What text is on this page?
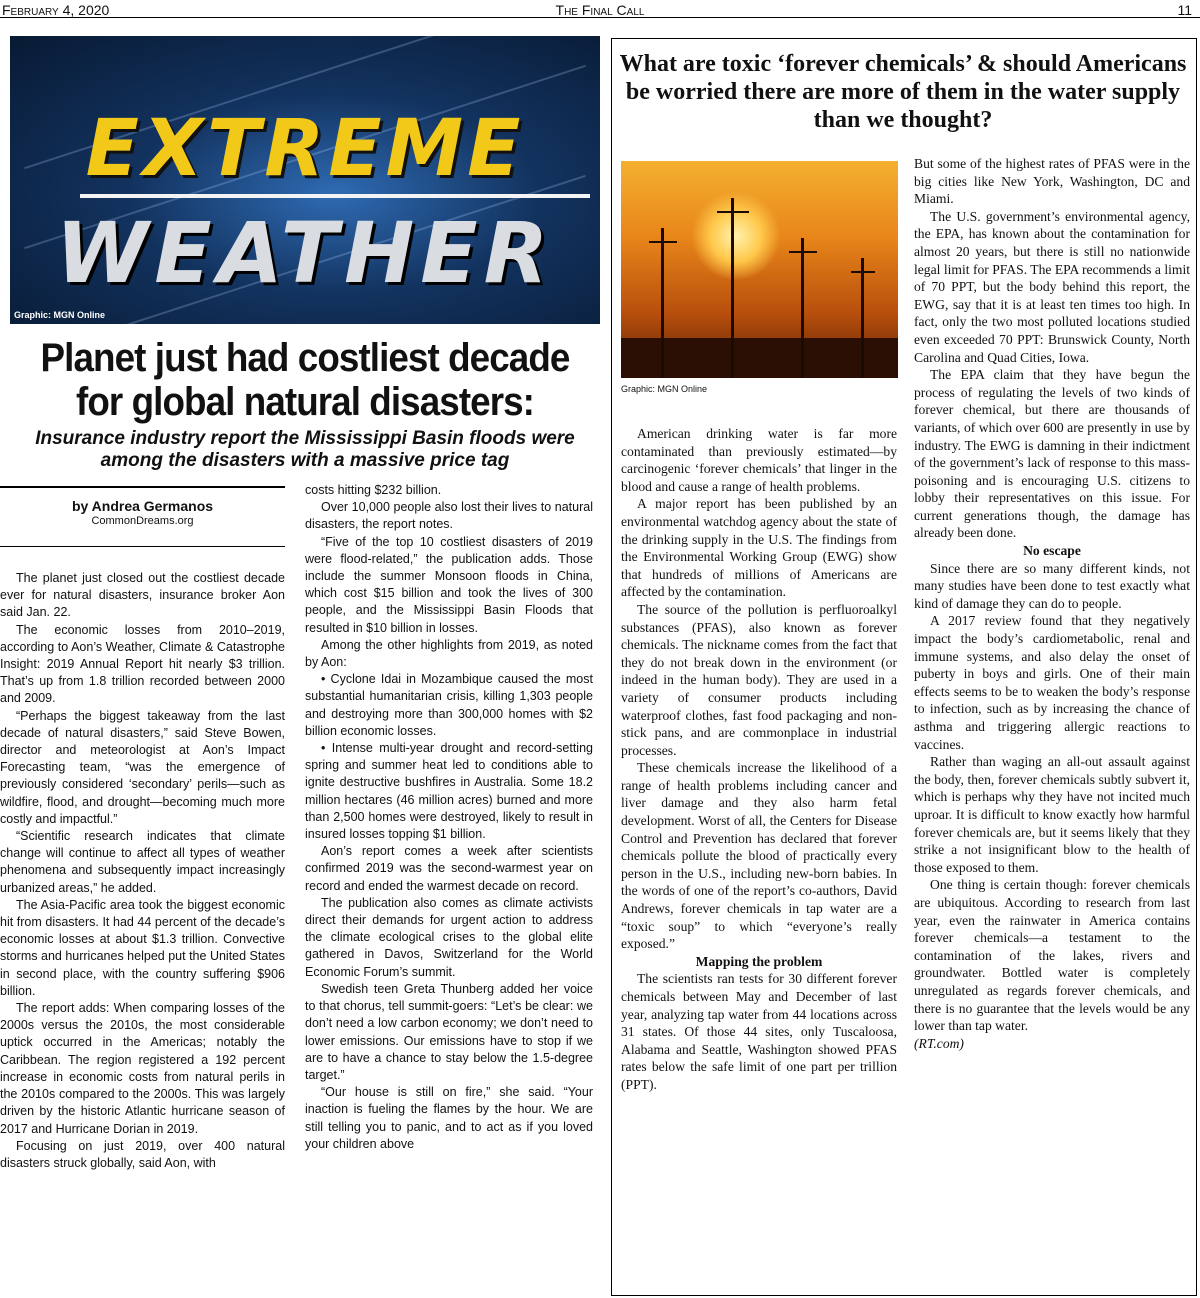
February 4, 2020	The Final Call	11
EXTREME
WEATHER
Graphic: MGN Online
Planet just had costliest decade for global natural disasters:
Insurance industry report the Mississippi Basin floods were among the disasters with a massive price tag
by Andrea Germanos
CommonDreams.org

The planet just closed out the costliest decade ever for natural disasters, insurance broker Aon said Jan. 22.

The economic losses from 2010–2019, according to Aon’s Weather, Climate & Catastrophe Insight: 2019 Annual Report hit nearly $3 trillion. That’s up from 1.8 trillion recorded between 2000 and 2009.

“Perhaps the biggest takeaway from the last decade of natural disasters,” said Steve Bowen, director and meteorologist at Aon’s Impact Forecasting team, “was the emergence of previously considered ‘secondary’ perils—such as wildfire, flood, and drought—becoming much more costly and impactful.”

“Scientific research indicates that climate change will continue to affect all types of weather phenomena and subsequently impact increasingly urbanized areas,” he added.

The Asia-Pacific area took the biggest economic hit from disasters. It had 44 percent of the decade’s economic losses at about $1.3 trillion. Convective storms and hurricanes helped put the United States in second place, with the country suffering $906 billion.

The report adds: When comparing losses of the 2000s versus the 2010s, the most considerable uptick occurred in the Americas; notably the Caribbean. The region registered a 192 percent increase in economic costs from natural perils in the 2010s compared to the 2000s. This was largely driven by the historic Atlantic hurricane season of 2017 and Hurricane Dorian in 2019.

Focusing on just 2019, over 400 natural disasters struck globally, said Aon, with

costs hitting $232 billion.

Over 10,000 people also lost their lives to natural disasters, the report notes.

“Five of the top 10 costliest disasters of 2019 were flood-related,” the publication adds. Those include the summer Monsoon floods in China, which cost $15 billion and took the lives of 300 people, and the Mississippi Basin Floods that resulted in $10 billion in losses.

Among the other highlights from 2019, as noted by Aon:

• Cyclone Idai in Mozambique caused the most substantial humanitarian crisis, killing 1,303 people and destroying more than 300,000 homes with $2 billion economic losses.

• Intense multi-year drought and record-setting spring and summer heat led to conditions able to ignite destructive bushfires in Australia. Some 18.2 million hectares (46 million acres) burned and more than 2,500 homes were destroyed, likely to result in insured losses topping $1 billion.

Aon’s report comes a week after scientists confirmed 2019 was the second-warmest year on record and ended the warmest decade on record.

The publication also comes as climate activists direct their demands for urgent action to address the climate ecological crises to the global elite gathered in Davos, Switzerland for the World Economic Forum’s summit.

Swedish teen Greta Thunberg added her voice to that chorus, tell summit-goers: “Let’s be clear: we don’t need a low carbon economy; we don’t need to lower emissions. Our emissions have to stop if we are to have a chance to stay below the 1.5-degree target.”

“Our house is still on fire,” she said. “Your inaction is fueling the flames by the hour. We are still telling you to panic, and to act as if you loved your children above

What are toxic ‘forever chemicals’ & should Americans be worried there are more of them in the water supply than we thought?
Graphic: MGN Online

American drinking water is far more contaminated than previously estimated—by carcinogenic ‘forever chemicals’ that linger in the blood and cause a range of health problems.

A major report has been published by an environmental watchdog agency about the state of the drinking supply in the U.S. The findings from the Environmental Working Group (EWG) show that hundreds of millions of Americans are affected by the contamination.

The source of the pollution is perfluoroalkyl substances (PFAS), also known as forever chemicals. The nickname comes from the fact that they do not break down in the environment (or indeed in the human body). They are used in a variety of consumer products including waterproof clothes, fast food packaging and non-stick pans, and are commonplace in industrial processes.

These chemicals increase the likelihood of a range of health problems including cancer and liver damage and they also harm fetal development. Worst of all, the Centers for Disease Control and Prevention has declared that forever chemicals pollute the blood of practically every person in the U.S., including new-born babies. In the words of one of the report’s co-authors, David Andrews, forever chemicals in tap water are a “toxic soup” to which “everyone’s really exposed.”

Mapping the problem

The scientists ran tests for 30 different forever chemicals between May and December of last year, analyzing tap water from 44 locations across 31 states. Of those 44 sites, only Tuscaloosa, Alabama and Seattle, Washington showed PFAS rates below the safe limit of one part per trillion (PPT).

But some of the highest rates of PFAS were in the big cities like New York, Washington, DC and Miami.

The U.S. government’s environmental agency, the EPA, has known about the contamination for almost 20 years, but there is still no nationwide legal limit for PFAS. The EPA recommends a limit of 70 PPT, but the body behind this report, the EWG, say that it is at least ten times too high. In fact, only the two most polluted locations studied even exceeded 70 PPT: Brunswick County, North Carolina and Quad Cities, Iowa.

The EPA claim that they have begun the process of regulating the levels of two kinds of forever chemical, but there are thousands of variants, of which over 600 are presently in use by industry. The EWG is damning in their indictment of the government’s lack of response to this mass-poisoning and is encouraging U.S. citizens to lobby their representatives on this issue. For current generations though, the damage has already been done.

No escape

Since there are so many different kinds, not many studies have been done to test exactly what kind of damage they can do to people.

A 2017 review found that they negatively impact the body’s cardiometabolic, renal and immune systems, and also delay the onset of puberty in boys and girls. One of their main effects seems to be to weaken the body’s response to infection, such as by increasing the chance of asthma and triggering allergic reactions to vaccines.

Rather than waging an all-out assault against the body, then, forever chemicals subtly subvert it, which is perhaps why they have not incited much uproar. It is difficult to know exactly how harmful forever chemicals are, but it seems likely that they strike a not insignificant blow to the health of those exposed to them.

One thing is certain though: forever chemicals are ubiquitous. According to research from last year, even the rainwater in America contains forever chemicals—a testament to the contamination of the lakes, rivers and groundwater. Bottled water is completely unregulated as regards forever chemicals, and there is no guarantee that the levels would be any lower than tap water.

(RT.com)
